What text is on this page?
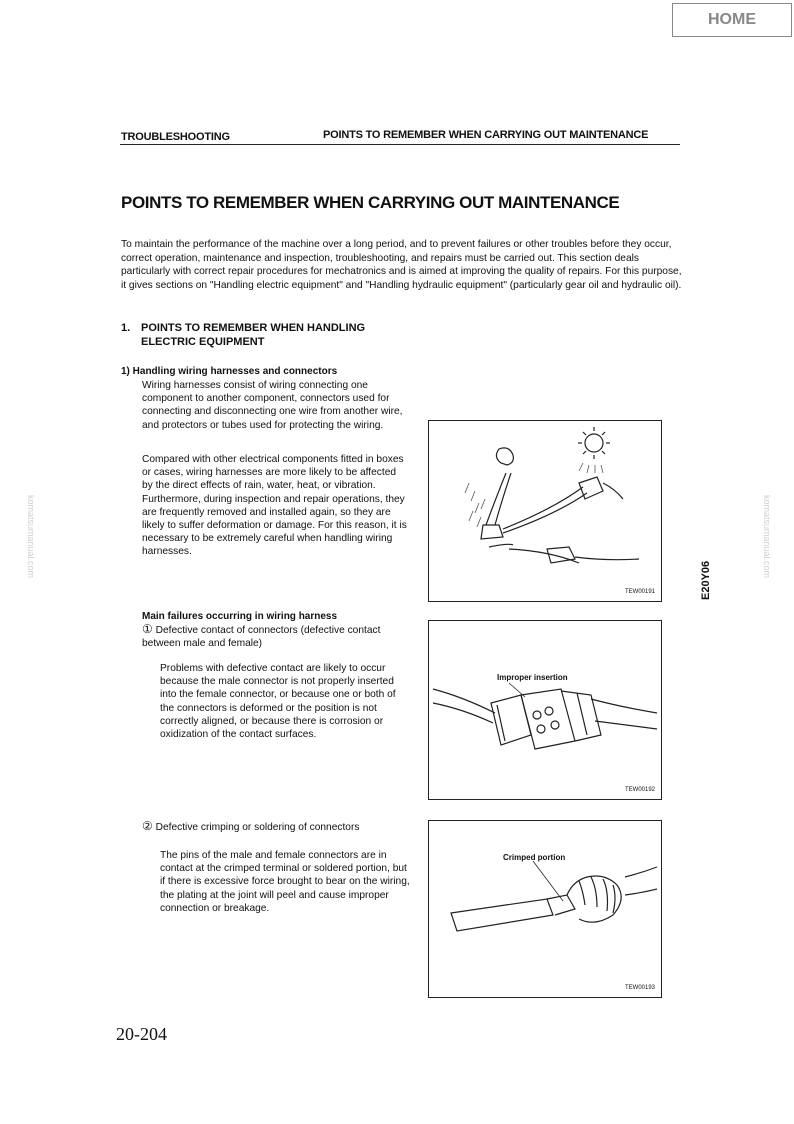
HOME
TROUBLESHOOTING	POINTS TO REMEMBER WHEN CARRYING OUT MAINTENANCE
POINTS TO REMEMBER WHEN CARRYING OUT MAINTENANCE
To maintain the performance of the machine over a long period, and to prevent failures or other troubles before they occur, correct operation, maintenance and inspection, troubleshooting, and repairs must be carried out. This section deals particularly with correct repair procedures for mechatronics and is aimed at improving the quality of repairs. For this purpose, it gives sections on "Handling electric equipment" and "Handling hydraulic equipment" (particularly gear oil and hydraulic oil).
1. POINTS TO REMEMBER WHEN HANDLING
ELECTRIC EQUIPMENT
1) Handling wiring harnesses and connectors
Wiring harnesses consist of wiring connecting one component to another component, connectors used for connecting and disconnecting one wire from another wire, and protectors or tubes used for protecting the wiring.
Compared with other electrical components fitted in boxes or cases, wiring harnesses are more likely to be affected by the direct effects of rain, water, heat, or vibration. Furthermore, during inspection and repair operations, they are frequently removed and installed again, so they are likely to suffer deformation or damage. For this reason, it is necessary to be extremely careful when handling wiring harnesses.
Main failures occurring in wiring harness
① Defective contact of connectors (defective contact between male and female)
Problems with defective contact are likely to occur because the male connector is not properly inserted into the female connector, or because one or both of the connectors is deformed or the position is not correctly aligned, or because there is corrosion or oxidization of the contact surfaces.
② Defective crimping or soldering of connectors
The pins of the male and female connectors are in contact at the crimped terminal or soldered portion, but if there is excessive force brought to bear on the wiring, the plating at the joint will peel and cause improper connection or breakage.
TEW00191
Improper insertion
TEW00192
Crimped portion
TEW00193
E20Y06
20-204
komatsumanual.com	komatsumanual.com
